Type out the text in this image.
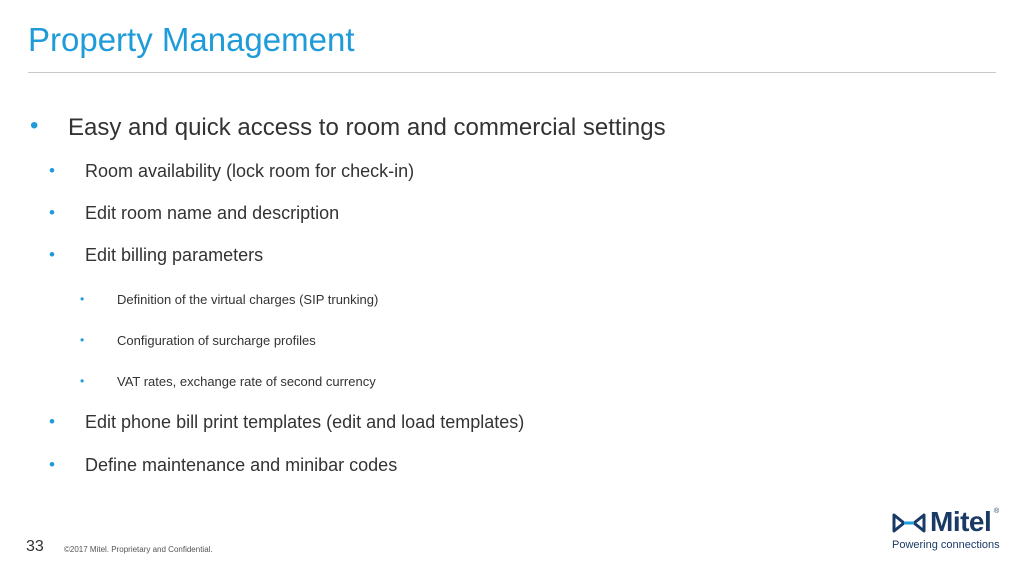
Property Management
• Easy and quick access to room and commercial settings
• Room availability (lock room for check-in)
• Edit room name and description
• Edit billing parameters
•	Definition of the virtual charges (SIP trunking)
•	Configuration of surcharge profiles
•	VAT rates, exchange rate of second currency
• Edit phone bill print templates (edit and load templates)
• Define maintenance and minibar codes
33	©2017 Mitel. Proprietary and Confidential.
Mitel ®
Powering connections
